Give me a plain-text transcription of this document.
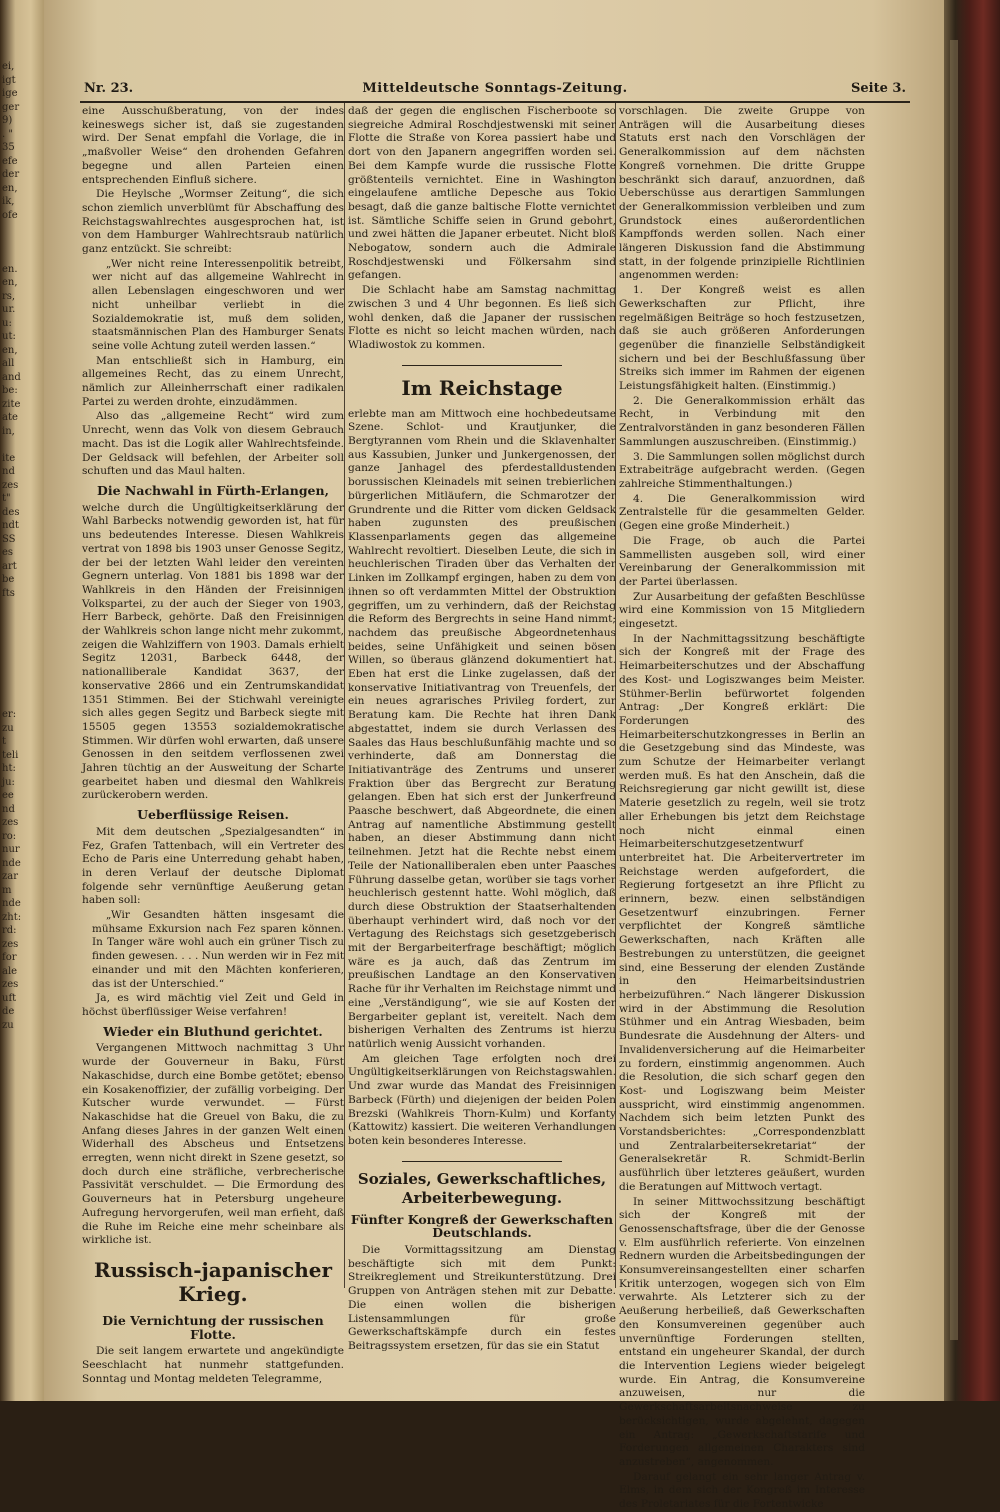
ei,
igt
ige
ger
9)
. "
35
efe
der
en,
ik,
ofe

en.
en,
rs,
ur.
u:
ut:
en,
all
and
be:
zite
ate
in,

ite
nd
zes
t"
des
ndt
SS
es
art
be
fts

er:
zu
t
teli
ht:
ju:
ee
nd
zes
ro:
nur
nde
zar
m
nde
zht:
rd:
zes
for
ale
zes
uft
de
zu

Nr. 23.	Mitteldeutsche Sonntags-Zeitung.	Seite 3.

eine Ausschußberatung, von der indes keineswegs sicher ist, daß sie zugestanden wird. Der Senat empfahl die Vorlage, die in „maßvoller Weise“ den drohenden Gefahren begegne und allen Parteien einen entsprechenden Einfluß sichere.

Die Heylsche „Wormser Zeitung“, die sich schon ziemlich unverblümt für Abschaffung des Reichstagswahlrechtes ausgesprochen hat, ist von dem Hamburger Wahlrechtsraub natürlich ganz entzückt. Sie schreibt:

„Wer nicht reine Interessenpolitik betreibt, wer nicht auf das allgemeine Wahlrecht in allen Lebenslagen eingeschworen und wer nicht unheilbar verliebt in die Sozialdemokratie ist, muß dem soliden, staatsmännischen Plan des Hamburger Senats seine volle Achtung zuteil werden lassen.“

Man entschließt sich in Hamburg, ein allgemeines Recht, das zu einem Unrecht, nämlich zur Alleinherrschaft einer radikalen Partei zu werden drohte, einzudämmen.

Also das „allgemeine Recht“ wird zum Unrecht, wenn das Volk von diesem Gebrauch macht. Das ist die Logik aller Wahlrechtsfeinde. Der Geldsack will befehlen, der Arbeiter soll schuften und das Maul halten.

Die Nachwahl in Fürth-Erlangen,

welche durch die Ungültigkeitserklärung der Wahl Barbecks notwendig geworden ist, hat für uns bedeutendes Interesse. Diesen Wahlkreis vertrat von 1898 bis 1903 unser Genosse Segitz, der bei der letzten Wahl leider den vereinten Gegnern unterlag. Von 1881 bis 1898 war der Wahlkreis in den Händen der Freisinnigen Volkspartei, zu der auch der Sieger von 1903, Herr Barbeck, gehörte. Daß den Freisinnigen der Wahlkreis schon lange nicht mehr zukommt, zeigen die Wahlziffern von 1903. Damals erhielt Segitz 12031, Barbeck 6448, der nationalliberale Kandidat 3637, der konservative 2866 und ein Zentrumskandidat 1351 Stimmen. Bei der Stichwahl vereinigte sich alles gegen Segitz und Barbeck siegte mit 15505 gegen 13553 sozialdemokratische Stimmen. Wir dürfen wohl erwarten, daß unsere Genossen in den seitdem verflossenen zwei Jahren tüchtig an der Ausweitung der Scharte gearbeitet haben und diesmal den Wahlkreis zurückerobern werden.

Ueberflüssige Reisen.

Mit dem deutschen „Spezialgesandten“ in Fez, Grafen Tattenbach, will ein Vertreter des Echo de Paris eine Unterredung gehabt haben, in deren Verlauf der deutsche Diplomat folgende sehr vernünftige Aeußerung getan haben soll:

„Wir Gesandten hätten insgesamt die mühsame Exkursion nach Fez sparen können. In Tanger wäre wohl auch ein grüner Tisch zu finden gewesen. . . . Nun werden wir in Fez mit einander und mit den Mächten konferieren, das ist der Unterschied.“

Ja, es wird mächtig viel Zeit und Geld in höchst überflüssiger Weise verfahren!

Wieder ein Bluthund gerichtet.

Vergangenen Mittwoch nachmittag 3 Uhr wurde der Gouverneur in Baku, Fürst Nakaschidse, durch eine Bombe getötet; ebenso ein Kosakenoffizier, der zufällig vorbeiging. Der Kutscher wurde verwundet. — Fürst Nakaschidse hat die Greuel von Baku, die zu Anfang dieses Jahres in der ganzen Welt einen Widerhall des Abscheus und Entsetzens erregten, wenn nicht direkt in Szene gesetzt, so doch durch eine sträfliche, verbrecherische Passivität verschuldet. — Die Ermordung des Gouverneurs hat in Petersburg ungeheure Aufregung hervorgerufen, weil man erfieht, daß die Ruhe im Reiche eine mehr scheinbare als wirkliche ist.

Russisch-japanischer Krieg.

Die Vernichtung der russischen Flotte.

Die seit langem erwartete und angekündigte Seeschlacht hat nunmehr stattgefunden. Sonntag und Montag meldeten Telegramme,

daß der gegen die englischen Fischerboote so siegreiche Admiral Roschdjestwenski mit seiner Flotte die Straße von Korea passiert habe und dort von den Japanern angegriffen worden sei. Bei dem Kampfe wurde die russische Flotte größtenteils vernichtet. Eine in Washington eingelaufene amtliche Depesche aus Tokio besagt, daß die ganze baltische Flotte vernichtet ist. Sämtliche Schiffe seien in Grund gebohrt, und zwei hätten die Japaner erbeutet. Nicht bloß Nebogatow, sondern auch die Admirale Roschdjestwenski und Fölkersahm sind gefangen.

Die Schlacht habe am Samstag nachmittag zwischen 3 und 4 Uhr begonnen. Es ließ sich wohl denken, daß die Japaner der russischen Flotte es nicht so leicht machen würden, nach Wladiwostok zu kommen.

Im Reichstage

erlebte man am Mittwoch eine hochbedeutsame Szene. Schlot- und Krautjunker, die Bergtyrannen vom Rhein und die Sklavenhalter aus Kassubien, Junker und Junkergenossen, der ganze Janhagel des pferdestalldustenden borussischen Kleinadels mit seinen trebierlichen bürgerlichen Mitläufern, die Schmarotzer der Grundrente und die Ritter vom dicken Geldsack haben zugunsten des preußischen Klassenparlaments gegen das allgemeine Wahlrecht revoltiert. Dieselben Leute, die sich in heuchlerischen Tiraden über das Verhalten der Linken im Zollkampf ergingen, haben zu dem von ihnen so oft verdammten Mittel der Obstruktion gegriffen, um zu verhindern, daß der Reichstag die Reform des Bergrechts in seine Hand nimmt; nachdem das preußische Abgeordnetenhaus beides, seine Unfähigkeit und seinen bösen Willen, so überaus glänzend dokumentiert hat. Eben hat erst die Linke zugelassen, daß der konservative Initiativantrag von Treuenfels, der ein neues agrarisches Privileg fordert, zur Beratung kam. Die Rechte hat ihren Dank abgestattet, indem sie durch Verlassen des Saales das Haus beschlußunfähig machte und so verhinderte, daß am Donnerstag die Initiativanträge des Zentrums und unserer Fraktion über das Bergrecht zur Beratung gelangen. Eben hat sich erst der Junkerfreund Paasche beschwert, daß Abgeordnete, die einen Antrag auf namentliche Abstimmung gestellt haben, an dieser Abstimmung dann nicht teilnehmen. Jetzt hat die Rechte nebst einem Teile der Nationalliberalen eben unter Paasches Führung dasselbe getan, worüber sie tags vorher heuchlerisch gestennt hatte. Wohl möglich, daß durch diese Obstruktion der Staatserhaltenden überhaupt verhindert wird, daß noch vor der Vertagung des Reichstags sich gesetzgeberisch mit der Bergarbeiterfrage beschäftigt; möglich wäre es ja auch, daß das Zentrum im preußischen Landtage an den Konservativen Rache für ihr Verhalten im Reichstage nimmt und eine „Verständigung“, wie sie auf Kosten der Bergarbeiter geplant ist, vereitelt. Nach dem bisherigen Verhalten des Zentrums ist hierzu natürlich wenig Aussicht vorhanden.

Am gleichen Tage erfolgten noch drei Ungültigkeitserklärungen von Reichstagswahlen. Und zwar wurde das Mandat des Freisinnigen Barbeck (Fürth) und diejenigen der beiden Polen Brezski (Wahlkreis Thorn-Kulm) und Korfanty (Kattowitz) kassiert. Die weiteren Verhandlungen boten kein besonderes Interesse.

Soziales, Gewerkschaftliches, Arbeiterbewegung.

Fünfter Kongreß der Gewerkschaften Deutschlands.

Die Vormittagssitzung am Dienstag beschäftigte sich mit dem Punkt: Streikreglement und Streikunterstützung. Drei Gruppen von Anträgen stehen mit zur Debatte. Die einen wollen die bisherigen Listensammlungen für große Gewerkschaftskämpfe durch ein festes Beitragssystem ersetzen, für das sie ein Statut

vorschlagen. Die zweite Gruppe von Anträgen will die Ausarbeitung dieses Statuts erst nach den Vorschlägen der Generalkommission auf dem nächsten Kongreß vornehmen. Die dritte Gruppe beschränkt sich darauf, anzuordnen, daß Ueberschüsse aus derartigen Sammlungen der Generalkommission verbleiben und zum Grundstock eines außerordentlichen Kampffonds werden sollen. Nach einer längeren Diskussion fand die Abstimmung statt, in der folgende prinzipielle Richtlinien angenommen werden:

1. Der Kongreß weist es allen Gewerkschaften zur Pflicht, ihre regelmäßigen Beiträge so hoch festzusetzen, daß sie auch größeren Anforderungen gegenüber die finanzielle Selbständigkeit sichern und bei der Beschlußfassung über Streiks sich immer im Rahmen der eigenen Leistungsfähigkeit halten. (Einstimmig.)

2. Die Generalkommission erhält das Recht, in Verbindung mit den Zentralvorständen in ganz besonderen Fällen Sammlungen auszuschreiben. (Einstimmig.)

3. Die Sammlungen sollen möglichst durch Extrabeiträge aufgebracht werden. (Gegen zahlreiche Stimmenthaltungen.)

4. Die Generalkommission wird Zentralstelle für die gesammelten Gelder. (Gegen eine große Minderheit.)

Die Frage, ob auch die Partei Sammellisten ausgeben soll, wird einer Vereinbarung der Generalkommission mit der Partei überlassen.

Zur Ausarbeitung der gefaßten Beschlüsse wird eine Kommission von 15 Mitgliedern eingesetzt.

In der Nachmittagssitzung beschäftigte sich der Kongreß mit der Frage des Heimarbeiterschutzes und der Abschaffung des Kost- und Logiszwanges beim Meister. Stühmer-Berlin befürwortet folgenden Antrag: „Der Kongreß erklärt: Die Forderungen des Heimarbeiterschutzkongresses in Berlin an die Gesetzgebung sind das Mindeste, was zum Schutze der Heimarbeiter verlangt werden muß. Es hat den Anschein, daß die Reichsregierung gar nicht gewillt ist, diese Materie gesetzlich zu regeln, weil sie trotz aller Erhebungen bis jetzt dem Reichstage noch nicht einmal einen Heimarbeiterschutzgesetzentwurf unterbreitet hat. Die Arbeitervertreter im Reichstage werden aufgefordert, die Regierung fortgesetzt an ihre Pflicht zu erinnern, bezw. einen selbständigen Gesetzentwurf einzubringen. Ferner verpflichtet der Kongreß sämtliche Gewerkschaften, nach Kräften alle Bestrebungen zu unterstützen, die geeignet sind, eine Besserung der elenden Zustände in den Heimarbeitsindustrien herbeizuführen.“ Nach längerer Diskussion wird in der Abstimmung die Resolution Stühmer und ein Antrag Wiesbaden, beim Bundesrate die Ausdehnung der Alters- und Invalidenversicherung auf die Heimarbeiter zu fordern, einstimmig angenommen. Auch die Resolution, die sich scharf gegen den Kost- und Logiszwang beim Meister ausspricht, wird einstimmig angenommen. Nachdem sich beim letzten Punkt des Vorstandsberichtes: „Correspondenzblatt und Zentralarbeitersekretariat“ der Generalsekretär R. Schmidt-Berlin ausführlich über letzteres geäußert, wurden die Beratungen auf Mittwoch vertagt.

In seiner Mittwochssitzung beschäftigt sich der Kongreß mit der Genossenschaftsfrage, über die der Genosse v. Elm ausführlich referierte. Von einzelnen Rednern wurden die Arbeitsbedingungen der Konsumvereinsangestellten einer scharfen Kritik unterzogen, wogegen sich von Elm verwahrte. Als Letzterer sich zu der Aeußerung herbeiließ, daß Gewerkschaften den Konsumvereinen gegenüber auch unvernünftige Forderungen stellten, entstand ein ungeheurer Skandal, der durch die Intervention Legiens wieder beigelegt wurde. Ein Antrag, die Konsumvereine anzuweisen, nur die Gewerkschaftsarbeitsnachweise zu berücksichtigen, wurde abgelehnt, dagegen ein Antrag: „Gewerkschaftstarife und Forderungen allgemeinen Charakters sind anzustreben“, angenommen.

Darauf gelangt ein sehr langer Antrag v. Elms, in dem sich der Kongreß im Interesse des Proletariates für die Fortentwicke
